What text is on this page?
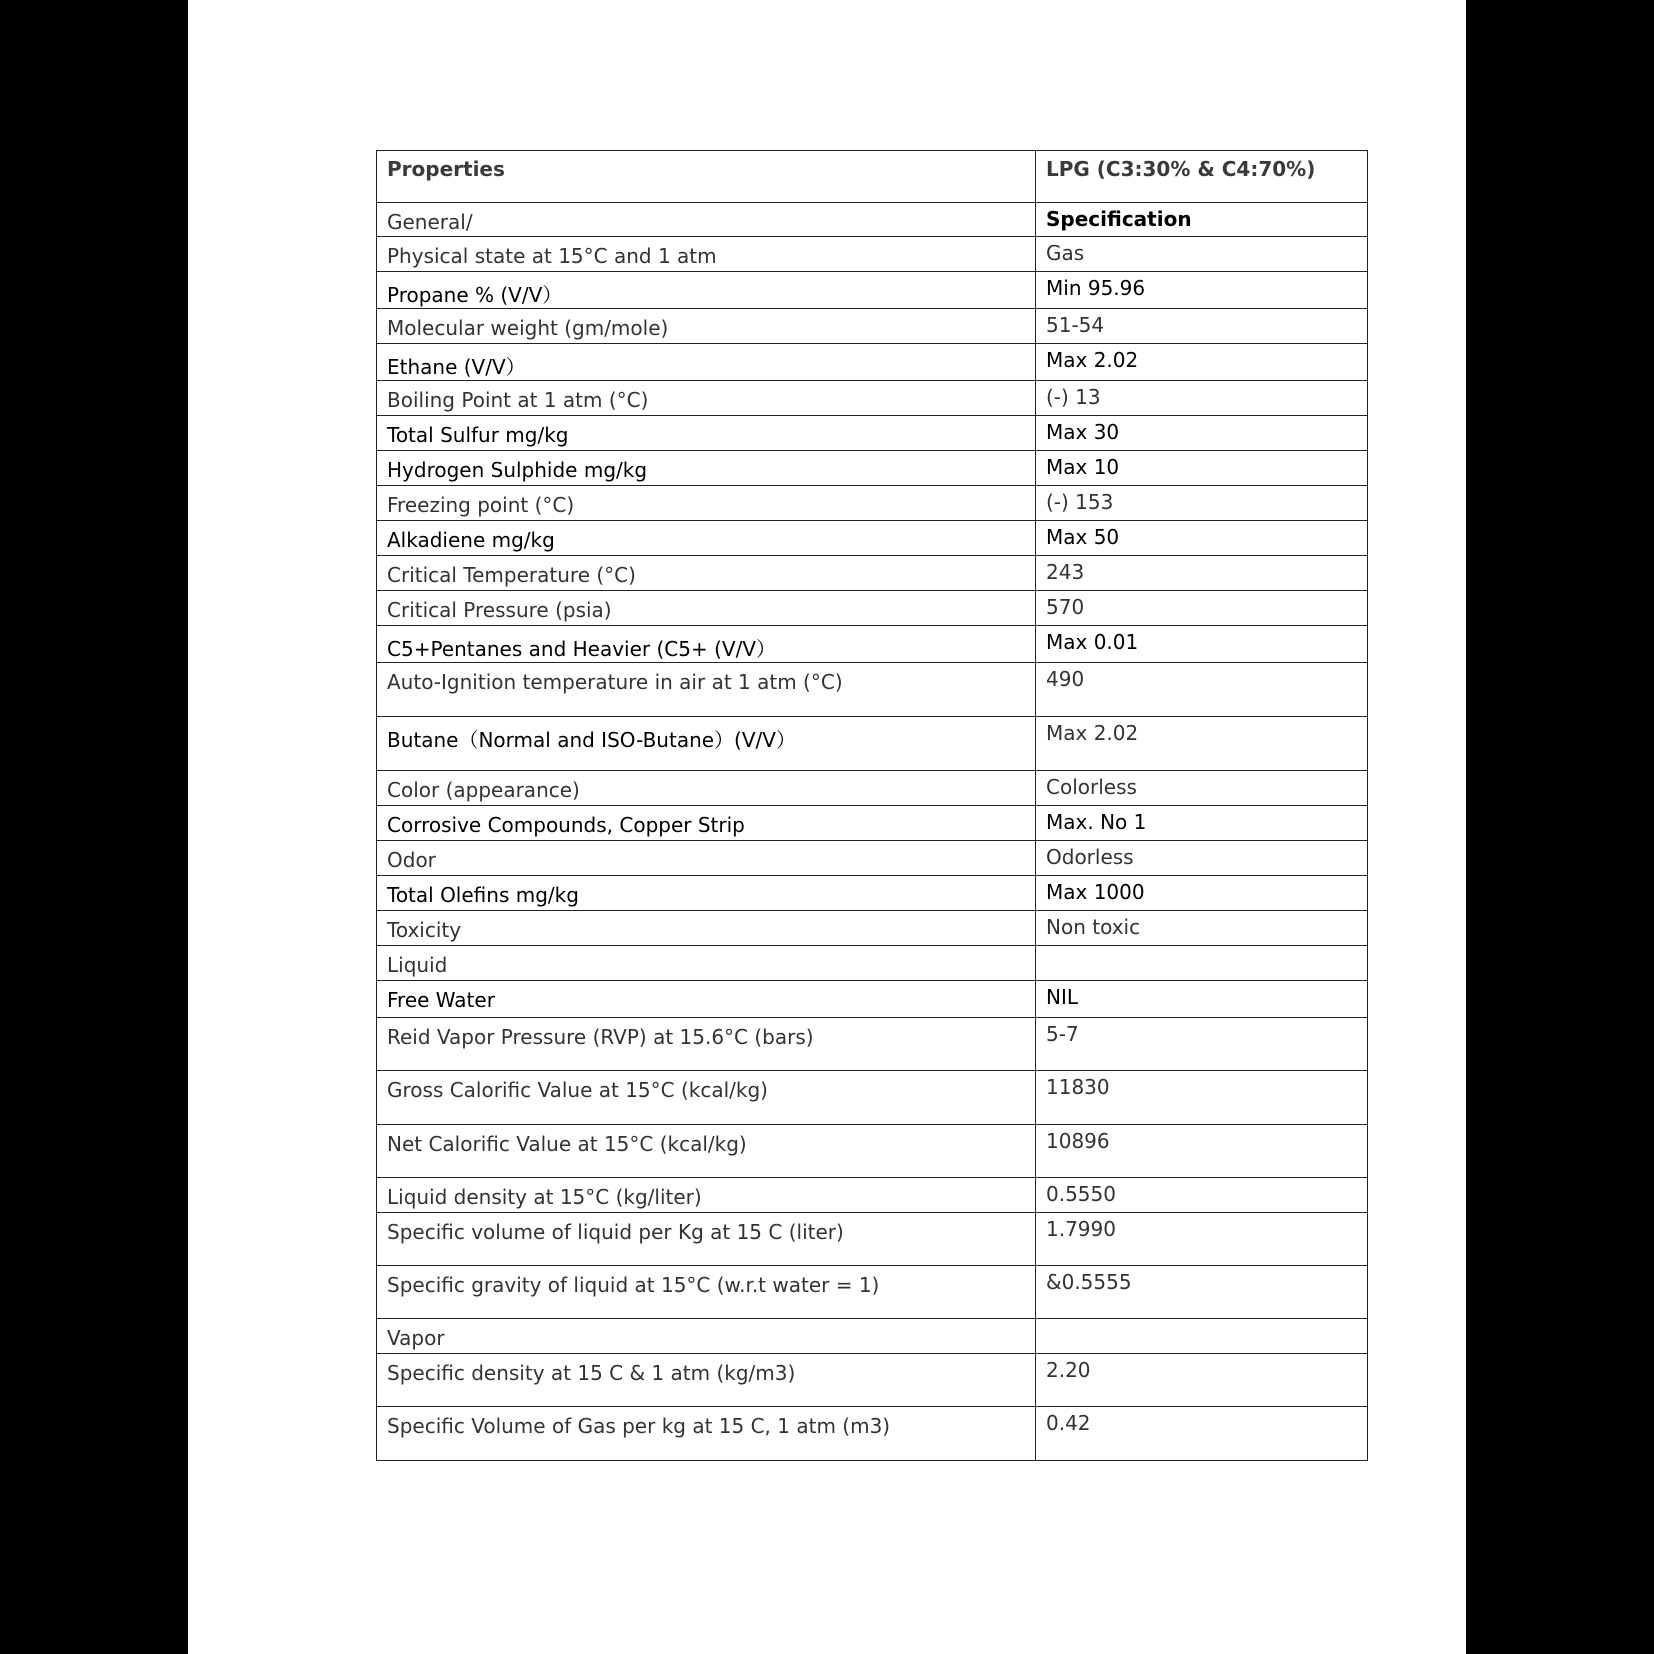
Properties	LPG (C3:30% & C4:70%)
General/	Specification
Physical state at 15°C and 1 atm	Gas
Propane % (V/V）	Min 95.96
Molecular weight (gm/mole)	51-54
Ethane (V/V）	Max 2.02
Boiling Point at 1 atm (°C)	(-) 13
Total Sulfur mg/kg	Max 30
Hydrogen Sulphide mg/kg	Max 10
Freezing point (°C)	(-) 153
Alkadiene mg/kg	Max 50
Critical Temperature (°C)	243
Critical Pressure (psia)	570
C5+Pentanes and Heavier (C5+ (V/V）	Max 0.01
Auto-Ignition temperature in air at 1 atm (°C)	490
Butane（Normal and ISO-Butane）(V/V）	Max 2.02
Color (appearance)	Colorless
Corrosive Compounds, Copper Strip	Max. No 1
Odor	Odorless
Total Olefins mg/kg	Max 1000
Toxicity	Non toxic
Liquid	
Free Water	NIL
Reid Vapor Pressure (RVP) at 15.6°C (bars)	5-7
Gross Calorific Value at 15°C (kcal/kg)	11830
Net Calorific Value at 15°C (kcal/kg)	10896
Liquid density at 15°C (kg/liter)	0.5550
Specific volume of liquid per Kg at 15 C (liter)	1.7990
Specific gravity of liquid at 15°C (w.r.t water = 1)	&0.5555
Vapor	
Specific density at 15 C & 1 atm (kg/m3)	2.20
Specific Volume of Gas per kg at 15 C, 1 atm (m3)	0.42
